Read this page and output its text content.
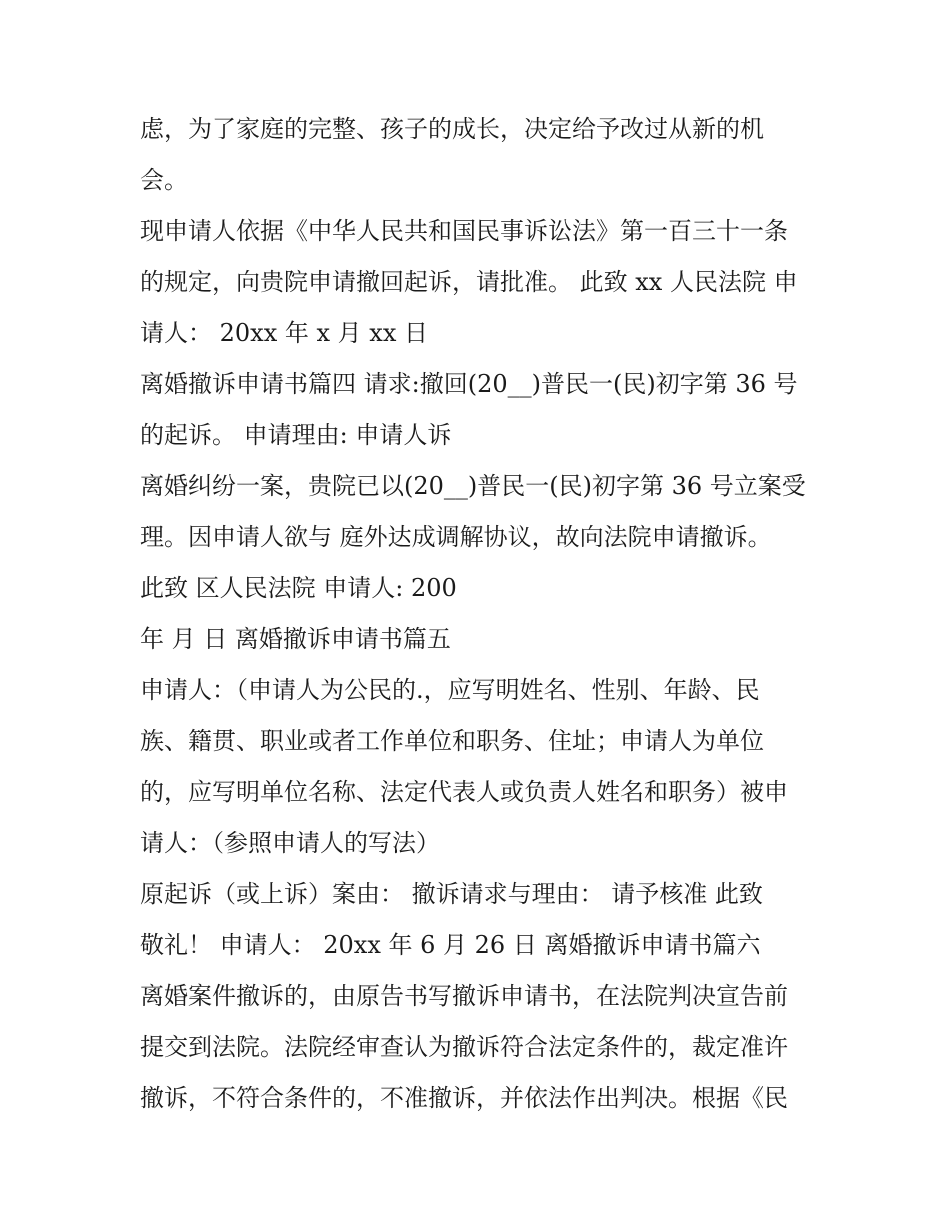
虑，为了家庭的完整、孩子的成长，决定给予改过从新的机
会。
现申请人依据《中华人民共和国民事诉讼法》第一百三十一条
的规定，向贵院申请撤回起诉，请批准。 此致 xx 人民法院 申
请人： 20xx 年 x 月 xx 日
离婚撤诉申请书篇四 请求:撤回(20__)普民一(民)初字第 36 号
的起诉。 申请理由: 申请人诉
离婚纠纷一案，贵院已以(20__)普民一(民)初字第 36 号立案受
理。因申请人欲与 庭外达成调解协议，故向法院申请撤诉。
此致 区人民法院 申请人: 200
年 月 日 离婚撤诉申请书篇五
申请人：（申请人为公民的.，应写明姓名、性别、年龄、民
族、籍贯、职业或者工作单位和职务、住址；申请人为单位
的，应写明单位名称、法定代表人或负责人姓名和职务）被申
请人：（参照申请人的写法）
原起诉（或上诉）案由： 撤诉请求与理由： 请予核准 此致
敬礼！ 申请人： 20xx 年 6 月 26 日 离婚撤诉申请书篇六
离婚案件撤诉的，由原告书写撤诉申请书，在法院判决宣告前
提交到法院。法院经审查认为撤诉符合法定条件的，裁定准许
撤诉，不符合条件的，不准撤诉，并依法作出判决。根据《民
